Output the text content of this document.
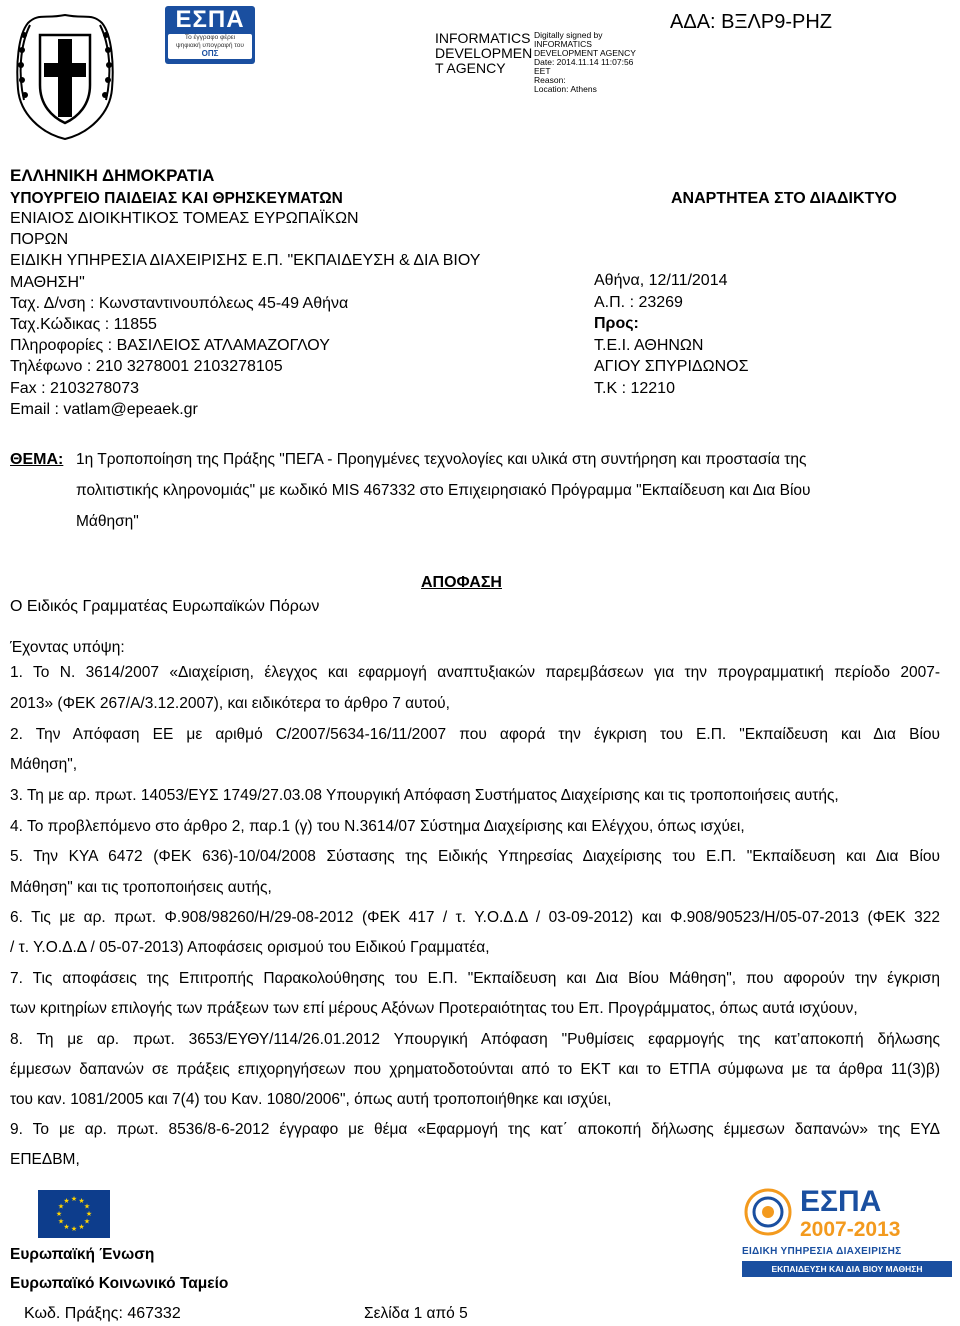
ΕΣΠΑ
Το έγγραφο φέρει
ψηφιακή υπογραφή του
ΟΠΣ
INFORMATICS
DEVELOPMEN
T AGENCY
Digitally signed by
INFORMATICS
DEVELOPMENT AGENCY
Date: 2014.11.14 11:07:56
EET
Reason:
Location: Athens
ΑΔΑ: ΒΞΛΡ9-ΡΗΖ
ΕΛΛΗΝΙΚΗ ΔΗΜΟΚΡΑΤΙΑ
ΥΠΟΥΡΓΕΙΟ ΠΑΙΔΕΙΑΣ ΚΑΙ ΘΡΗΣΚΕΥΜΑΤΩΝ
ΕΝΙΑΙΟΣ ΔΙΟΙΚΗΤΙΚΟΣ ΤΟΜΕΑΣ ΕΥΡΩΠΑΪΚΩΝ
ΠΟΡΩΝ
ΕΙΔΙΚΗ ΥΠΗΡΕΣΙΑ ΔΙΑΧΕΙΡΙΣΗΣ Ε.Π. "ΕΚΠΑΙΔΕΥΣΗ & ΔΙΑ ΒΙΟΥ
ΜΑΘΗΣΗ"
Ταχ. Δ/νση : Κωνσταντινουπόλεως 45-49 Αθήνα
Ταχ.Κώδικας : 11855
Πληροφορίες : ΒΑΣΙΛΕΙΟΣ ΑΤΛΑΜΑΖΟΓΛΟΥ
Τηλέφωνο : 210 3278001 2103278105
Fax : 2103278073
Email : vatlam@epeaek.gr
ΑΝΑΡΤΗΤΕΑ ΣΤΟ ΔΙΑΔΙΚΤΥΟ
Αθήνα, 12/11/2014
Α.Π. : 23269
Προς:
Τ.Ε.Ι. ΑΘΗΝΩΝ
ΑΓΙΟΥ ΣΠΥΡΙΔΩΝΟΣ
Τ.Κ : 12210
ΘΕΜΑ: 1η Τροποποίηση της Πράξης "ΠΕΓΑ - Προηγμένες τεχνολογίες και υλικά στη συντήρηση και προστασία της
πολιτιστικής κληρονομιάς" με κωδικό MIS 467332 στο Επιχειρησιακό Πρόγραμμα "Εκπαίδευση και Δια Βίου
Μάθηση"
ΑΠΟΦΑΣΗ
Ο Ειδικός Γραμματέας Ευρωπαϊκών Πόρων
Έχοντας υπόψη:
1. Το Ν. 3614/2007 «Διαχείριση, έλεγχος και εφαρμογή αναπτυξιακών παρεμβάσεων για την προγραμματική περίοδο 2007-
2013» (ΦΕΚ 267/Α/3.12.2007), και ειδικότερα το άρθρο 7 αυτού,
2. Την Απόφαση ΕΕ με αριθμό C/2007/5634-16/11/2007 που αφορά την έγκριση του Ε.Π. "Εκπαίδευση και Δια Βίου
Μάθηση",
3. Τη με αρ. πρωτ. 14053/ΕΥΣ 1749/27.03.08 Υπουργική Απόφαση Συστήματος Διαχείρισης και τις τροποποιήσεις αυτής,
4. Το προβλεπόμενο στο άρθρο 2, παρ.1 (γ) του Ν.3614/07 Σύστημα Διαχείρισης και Ελέγχου, όπως ισχύει,
5. Την ΚΥΑ 6472 (ΦΕΚ 636)-10/04/2008 Σύστασης της Ειδικής Υπηρεσίας Διαχείρισης του Ε.Π. "Εκπαίδευση και Δια Βίου
Μάθηση" και τις τροποποιήσεις αυτής,
6. Τις με αρ. πρωτ. Φ.908/98260/Η/29-08-2012 (ΦΕΚ 417 / τ. Υ.Ο.Δ.Δ / 03-09-2012) και Φ.908/90523/Η/05-07-2013 (ΦΕΚ 322
/ τ. Υ.Ο.Δ.Δ / 05-07-2013) Αποφάσεις ορισμού του Ειδικού Γραμματέα,
7. Τις αποφάσεις της Επιτροπής Παρακολούθησης του Ε.Π. "Εκπαίδευση και Δια Βίου Μάθηση", που αφορούν την έγκριση
των κριτηρίων επιλογής των πράξεων των επί μέρους Αξόνων Προτεραιότητας του Επ. Προγράμματος, όπως αυτά ισχύουν,
8. Τη με αρ. πρωτ. 3653/ΕΥΘΥ/114/26.01.2012 Υπουργική Απόφαση "Ρυθμίσεις εφαρμογής της κατ’αποκοπή δήλωσης
έμμεσων δαπανών σε πράξεις επιχορηγήσεων που χρηματοδοτούνται από το ΕΚΤ και το ΕΤΠΑ σύμφωνα με τα άρθρα 11(3)β)
του καν. 1081/2005 και 7(4) του Καν. 1080/2006", όπως αυτή τροποποιήθηκε και ισχύει,
9. Το με αρ. πρωτ. 8536/8-6-2012 έγγραφο με θέμα «Εφαρμογή της κατ΄ αποκοπή δήλωσης έμμεσων δαπανών» της ΕΥΔ
ΕΠΕΔΒΜ,
★ ★
★
★
★
★
★
★
★
★
★
★
Ευρωπαϊκή Ένωση
Ευρωπαϊκό Κοινωνικό Ταμείο
Κωδ. Πράξης: 467332	Σελίδα 1 από 5
ΕΣΠΑ
2007-2013
ΕΙΔΙΚΗ ΥΠΗΡΕΣΙΑ ΔΙΑΧΕΙΡΙΣΗΣ
ΕΚΠΑΙΔΕΥΣΗ ΚΑΙ ΔΙΑ ΒΙΟΥ ΜΑΘΗΣΗ
